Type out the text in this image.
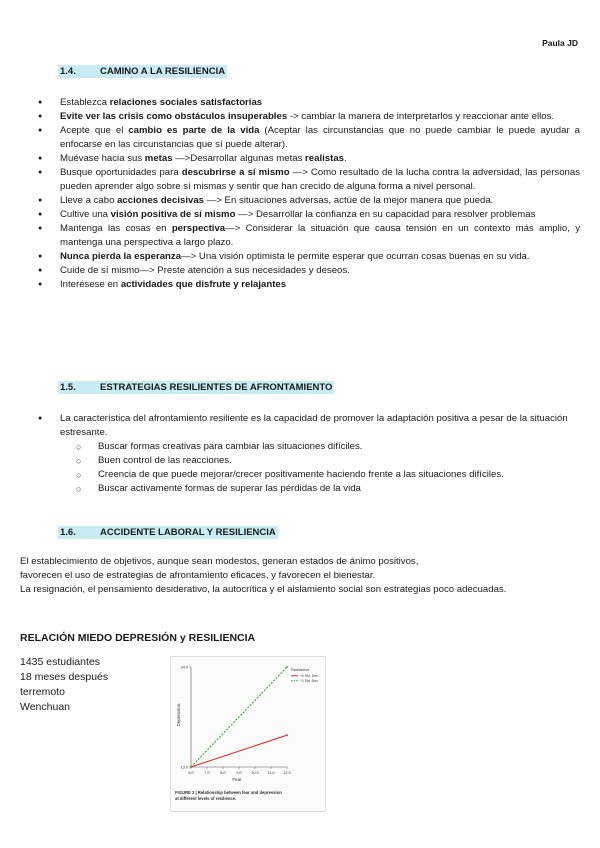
Paula JD
1.4.	CAMINO A LA RESILIENCIA
● Establezca relaciones sociales satisfactorias
● Evite ver las crisis como obstáculos insuperables -> cambiar la manera de interpretarlos y reaccionar ante ellos.
● Acepte que el cambio es parte de la vida (Aceptar las circunstancias que no puede cambiar le puede ayudar a enfocarse en las circunstancias que sí puede alterar).
● Muévase hacia sus metas —>Desarrollar algunas metas realistas.
● Busque oportunidades para descubrirse a sí mismo —> Como resultado de la lucha contra la adversidad, las personas pueden aprender algo sobre sí mismas y sentir que han crecido de alguna forma a nivel personal.
● Lleve a cabo acciones decisivas —> En situaciones adversas, actúe de la mejor manera que pueda.
● Cultive una visión positiva de sí mismo —> Desarrollar la confianza en su capacidad para resolver problemas
● Mantenga las cosas en perspectiva—> Considerar la situación que causa tensión en un contexto más amplio, y mantenga una perspectiva a largo plazo.
● Nunca pierda la esperanza—> Una visión optimista le permite esperar que ocurran cosas buenas en su vida.
● Cuide de sí mismo—> Preste atención a sus necesidades y deseos.
● Interésese en actividades que disfrute y relajantes
1.5.	ESTRATEGIAS RESILIENTES DE AFRONTAMIENTO
● La característica del afrontamiento resiliente es la capacidad de promover la adaptación positiva a pesar de la situación estresante.
○ Buscar formas creativas para cambiar las situaciones difíciles.
○ Buen control de las reacciones.
○ Creencia de que puede mejorar/crecer positivamente haciendo frente a las situaciones difíciles.
○ Buscar activamente formas de superar las pérdidas de la vida
1.6.	ACCIDENTE LABORAL Y RESILIENCIA

El establecimiento de objetivos, aunque sean modestos, generan estados de ánimo positivos,

favorecen el uso de estrategias de afrontamiento eficaces, y favorecen el bienestar.

La resignación, el pensamiento desiderativo, la autocrítica y el aislamiento social son estrategias poco adecuadas.

RELACIÓN MIEDO DEPRESIÓN y RESILIENCIA
1435 estudiantes
18 meses después
terremoto
Wenchuan	Depression
Fear
Resilience
FIGURE 2 | Relationship between fear and depression
at different levels of resilience.
6.0	7.0	8.0	9.0	10.0 11.0 12.0
13.0
24.0
+1 Std. Dev.
+1 Std. Dev.
